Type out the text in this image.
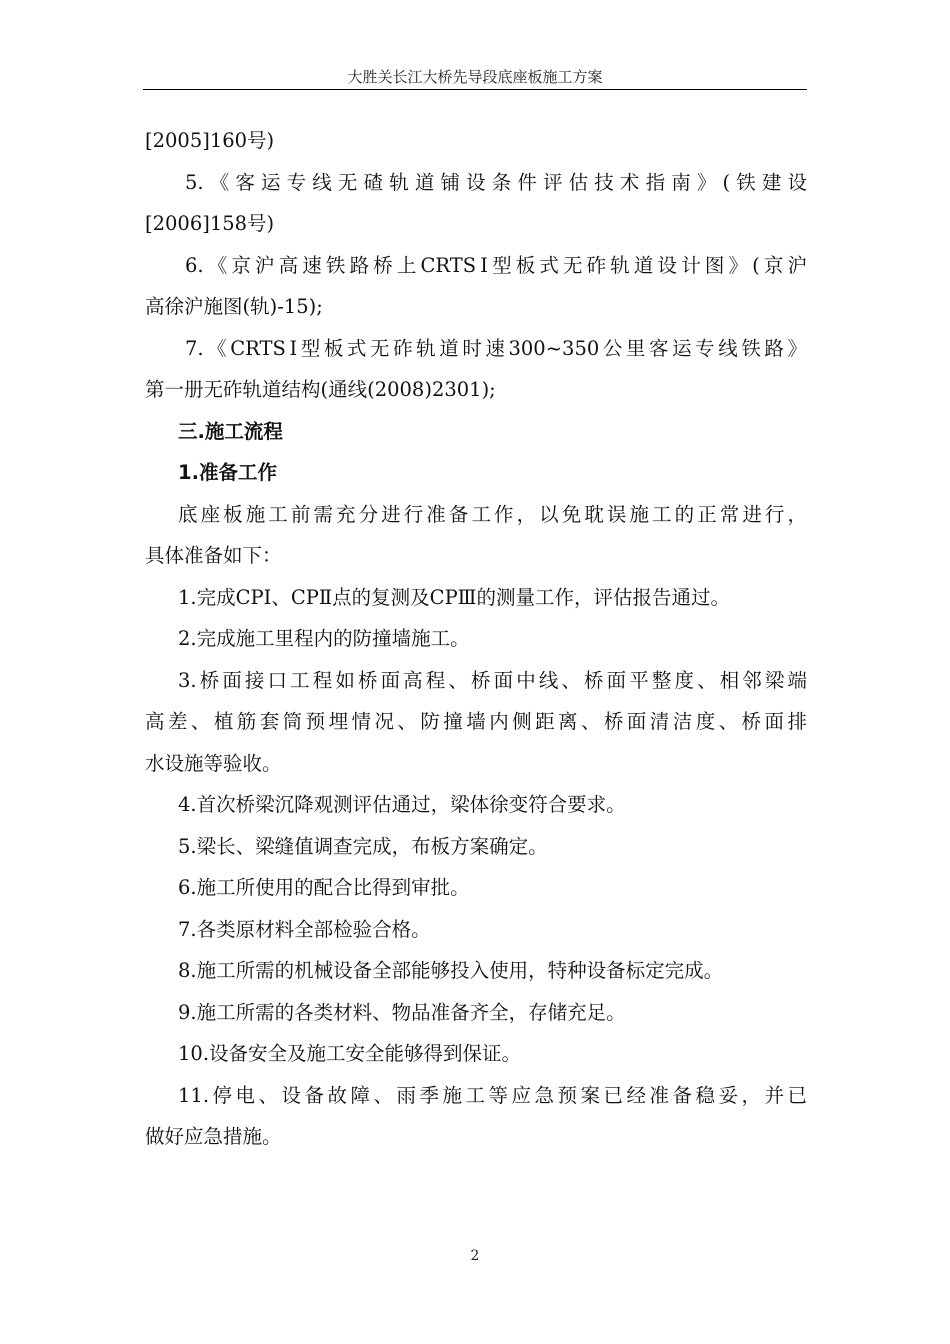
大胜关长江大桥先导段底座板施工方案
[2005]160号)
5.《客运专线无碴轨道铺设条件评估技术指南》(铁建设
[2006]158号)
6.《京沪高速铁路桥上CRTSⅠ型板式无砟轨道设计图》(京沪
高徐沪施图(轨)-15);
7.《CRTSⅠ型板式无砟轨道时速300~350公里客运专线铁路》
第一册无砟轨道结构(通线(2008)2301);
三.施工流程
1.准备工作
底座板施工前需充分进行准备工作，以免耽误施工的正常进行，
具体准备如下：
1.完成CPⅠ、CPⅡ点的复测及CPⅢ的测量工作，评估报告通过。
2.完成施工里程内的防撞墙施工。
3.桥面接口工程如桥面高程、桥面中线、桥面平整度、相邻梁端
高差、植筋套筒预埋情况、防撞墙内侧距离、桥面清洁度、桥面排
水设施等验收。
4.首次桥梁沉降观测评估通过，梁体徐变符合要求。
5.梁长、梁缝值调查完成，布板方案确定。
6.施工所使用的配合比得到审批。
7.各类原材料全部检验合格。
8.施工所需的机械设备全部能够投入使用，特种设备标定完成。
9.施工所需的各类材料、物品准备齐全，存储充足。
10.设备安全及施工安全能够得到保证。
11.停电、设备故障、雨季施工等应急预案已经准备稳妥，并已
做好应急措施。
2
